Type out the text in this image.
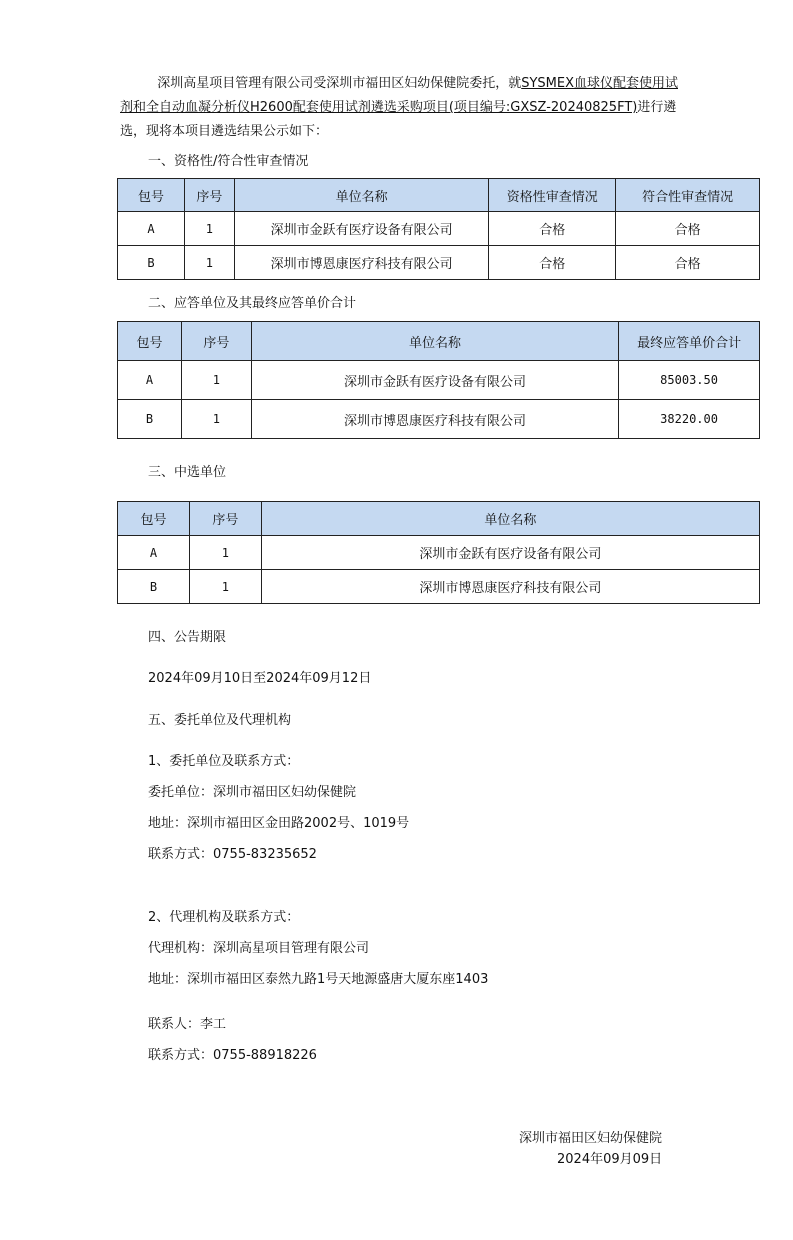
深圳高星项目管理有限公司受深圳市福田区妇幼保健院委托，就SYSMEX血球仪配套使用试剂和全自动血凝分析仪H2600配套使用试剂遴选采购项目(项目编号:GXSZ-20240825FT)进行遴选，现将本项目遴选结果公示如下：
一、资格性/符合性审查情况
包号	序号	单位名称	资格性审查情况	符合性审查情况
A	1	深圳市金跃有医疗设备有限公司	合格	合格
B	1	深圳市博恩康医疗科技有限公司	合格	合格
二、应答单位及其最终应答单价合计
包号	序号	单位名称	最终应答单价合计
A	1	深圳市金跃有医疗设备有限公司	85003.50
B	1	深圳市博恩康医疗科技有限公司	38220.00
三、中选单位
包号	序号	单位名称
A	1	深圳市金跃有医疗设备有限公司
B	1	深圳市博恩康医疗科技有限公司
四、公告期限
2024年09月10日至2024年09月12日
五、委托单位及代理机构
1、委托单位及联系方式：
委托单位：深圳市福田区妇幼保健院
地址：深圳市福田区金田路2002号、1019号
联系方式：0755-83235652
2、代理机构及联系方式：
代理机构：深圳高星项目管理有限公司
地址：深圳市福田区泰然九路1号天地源盛唐大厦东座1403
联系人：李工
联系方式：0755-88918226
深圳市福田区妇幼保健院
2024年09月09日
